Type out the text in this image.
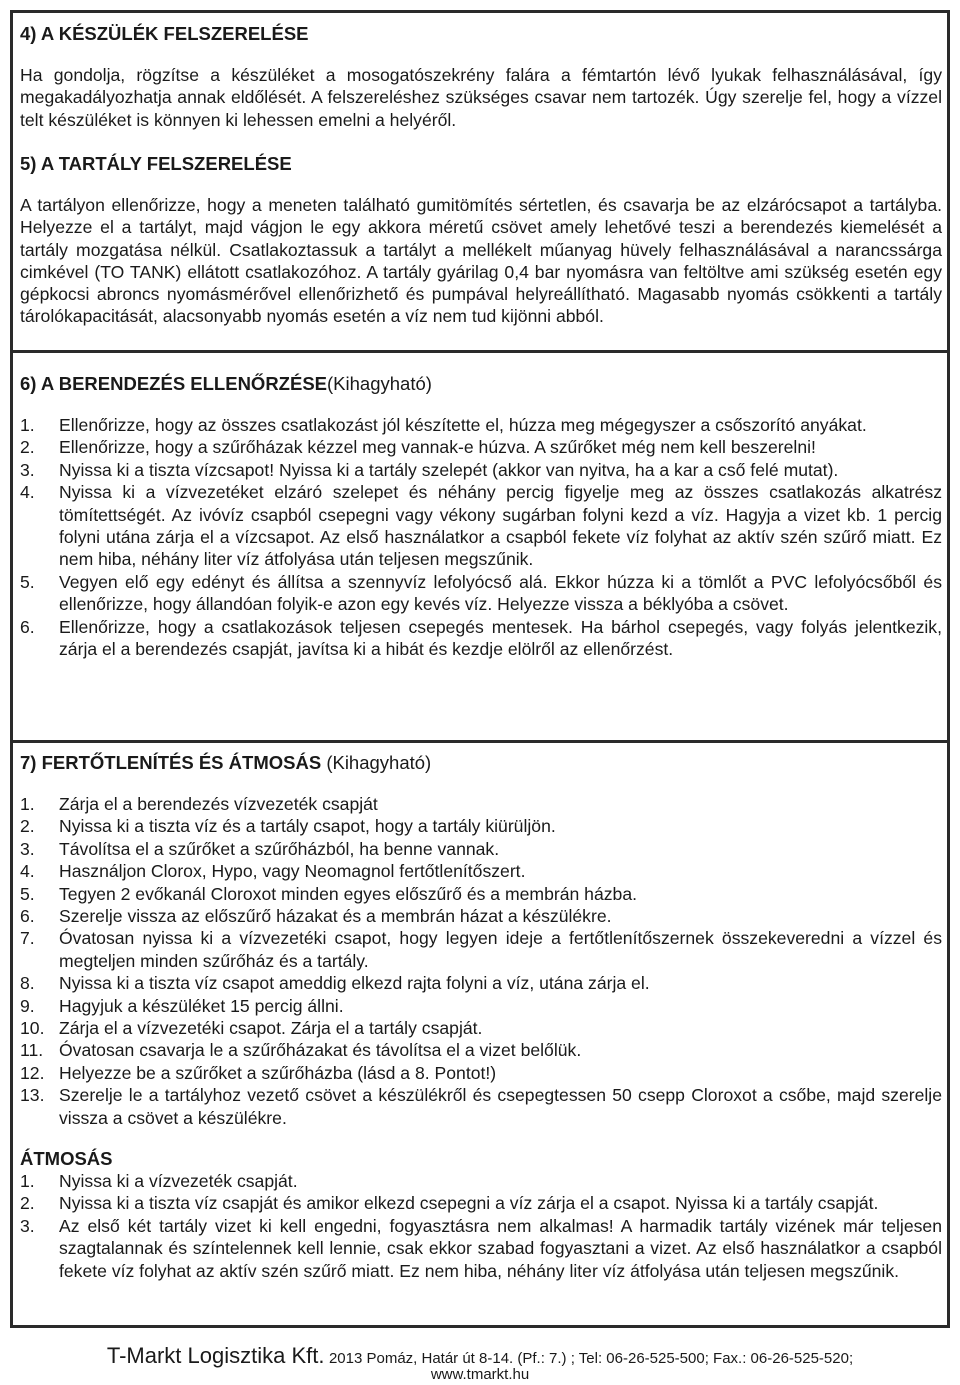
4) A KÉSZÜLÉK FELSZERELÉSE

Ha gondolja, rögzítse a készüléket a mosogatószekrény falára a fémtartón lévő lyukak felhasználásával, így megakadályozhatja annak eldőlését. A felszereléshez szükséges csavar nem tartozék. Úgy szerelje fel, hogy a vízzel telt készüléket is könnyen ki lehessen emelni a helyéről.

5) A TARTÁLY FELSZERELÉSE

A tartályon ellenőrizze, hogy a meneten található gumitömítés sértetlen, és csavarja be az elzárócsapot a tartályba. Helyezze el a tartályt, majd vágjon le egy akkora méretű csövet amely lehetővé teszi a berendezés kiemelését a tartály mozgatása nélkül. Csatlakoztassuk a tartályt a mellékelt műanyag hüvely felhasználásával a narancssárga cimkével (TO TANK) ellátott csatlakozóhoz. A tartály gyárilag 0,4 bar nyomásra van feltöltve ami szükség esetén egy gépkocsi abroncs nyomásmérővel ellenőrizhető és pumpával helyreállítható. Magasabb nyomás csökkenti a tartály tárolókapacitását, alacsonyabb nyomás esetén a víz nem tud kijönni abból.

6) A BERENDEZÉS ELLENŐRZÉSE(Kihagyható)
1. Ellenőrizze, hogy az összes csatlakozást jól készítette el, húzza meg mégegyszer a csőszorító anyákat.
2. Ellenőrizze, hogy a szűrőházak kézzel meg vannak-e húzva. A szűrőket még nem kell beszerelni!
3. Nyissa ki a tiszta vízcsapot! Nyissa ki a tartály szelepét (akkor van nyitva, ha a kar a cső felé mutat).
4. Nyissa ki a vízvezetéket elzáró szelepet és néhány percig figyelje meg az összes csatlakozás alkatrész tömítettségét. Az ivóvíz csapból csepegni vagy vékony sugárban folyni kezd a víz. Hagyja a vizet kb. 1 percig folyni utána zárja el a vízcsapot. Az első használatkor a csapból fekete víz folyhat az aktív szén szűrő miatt. Ez nem hiba, néhány liter víz átfolyása után teljesen megszűnik.
5. Vegyen elő egy edényt és állítsa a szennyvíz lefolyócső alá. Ekkor húzza ki a tömlőt a PVC lefolyócsőből és ellenőrizze, hogy állandóan folyik-e azon egy kevés víz. Helyezze vissza a béklyóba a csövet.
6. Ellenőrizze, hogy a csatlakozások teljesen csepegés mentesek. Ha bárhol csepegés, vagy folyás jelentkezik, zárja el a berendezés csapját, javítsa ki a hibát és kezdje elölről az ellenőrzést.
7) FERTŐTLENÍTÉS ÉS ÁTMOSÁS (Kihagyható)
1. Zárja el a berendezés vízvezeték csapját
2. Nyissa ki a tiszta víz és a tartály csapot, hogy a tartály kiürüljön.
3. Távolítsa el a szűrőket a szűrőházból, ha benne vannak.
4. Használjon Clorox, Hypo, vagy Neomagnol fertőtlenítőszert.
5. Tegyen 2 evőkanál Cloroxot minden egyes előszűrő és a membrán házba.
6. Szerelje vissza az előszűrő házakat és a membrán házat a készülékre.
7. Óvatosan nyissa ki a vízvezetéki csapot, hogy legyen ideje a fertőtlenítőszernek összekeveredni a vízzel és megteljen minden szűrőház és a tartály.
8. Nyissa ki a tiszta víz csapot ameddig elkezd rajta folyni a víz, utána zárja el.
9. Hagyjuk a készüléket 15 percig állni.
10. Zárja el a vízvezetéki csapot. Zárja el a tartály csapját.
11. Óvatosan csavarja le a szűrőházakat és távolítsa el a vizet belőlük.
12. Helyezze be a szűrőket a szűrőházba (lásd a 8. Pontot!)
13. Szerelje le a tartályhoz vezető csövet a készülékről és csepegtessen 50 csepp Cloroxot a csőbe, majd szerelje vissza a csövet a készülékre.
ÁTMOSÁS
1. Nyissa ki a vízvezeték csapját.
2. Nyissa ki a tiszta víz csapját és amikor elkezd csepegni a víz zárja el a csapot. Nyissa ki a tartály csapját.
3. Az első két tartály vizet ki kell engedni, fogyasztásra nem alkalmas! A harmadik tartály vizének már teljesen szagtalannak és színtelennek kell lennie, csak ekkor szabad fogyasztani a vizet. Az első használatkor a csapból fekete víz folyhat az aktív szén szűrő miatt. Ez nem hiba, néhány liter víz átfolyása után teljesen megszűnik.
T-Markt Logisztika Kft. 2013 Pomáz, Határ út 8-14. (Pf.: 7.) ; Tel: 06-26-525-500; Fax.: 06-26-525-520;
www.tmarkt.hu
